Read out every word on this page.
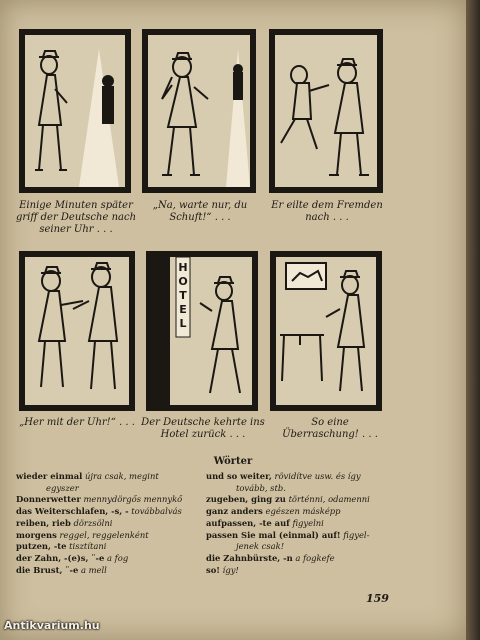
Einige Minuten später griff der Deutsche nach seiner Uhr . . .
„Na, warte nur, du Schuft!“ . . .
Er eilte dem Fremden nach . . .
„Her mit der Uhr!“ . . .
HOTEL
Der Deutsche kehrte ins Hotel zurück . . .
So eine Überraschung! . . .
Wörter
wieder einmal újra csak, megint
egyszer
Donnerwetter mennydörgős mennykő
das Weiterschlafen, -s, - továbbalvás
reiben, rieb dörzsölni
morgens reggel, reggelenként
putzen, -te tisztítani
der Zahn, -(e)s, ¨-e a fog
die Brust, ¨-e a mell
und so weiter, rövidítve usw. és így
tovább, stb.
zugeben, ging zu történni, odamenni
ganz anders egészen másképp
aufpassen, -te auf figyelni
passen Sie mal (einmal) auf! figyel-
jenek csak!
die Zahnbürste, -n a fogkefe
so! így!
159
Antikvarium.hu
